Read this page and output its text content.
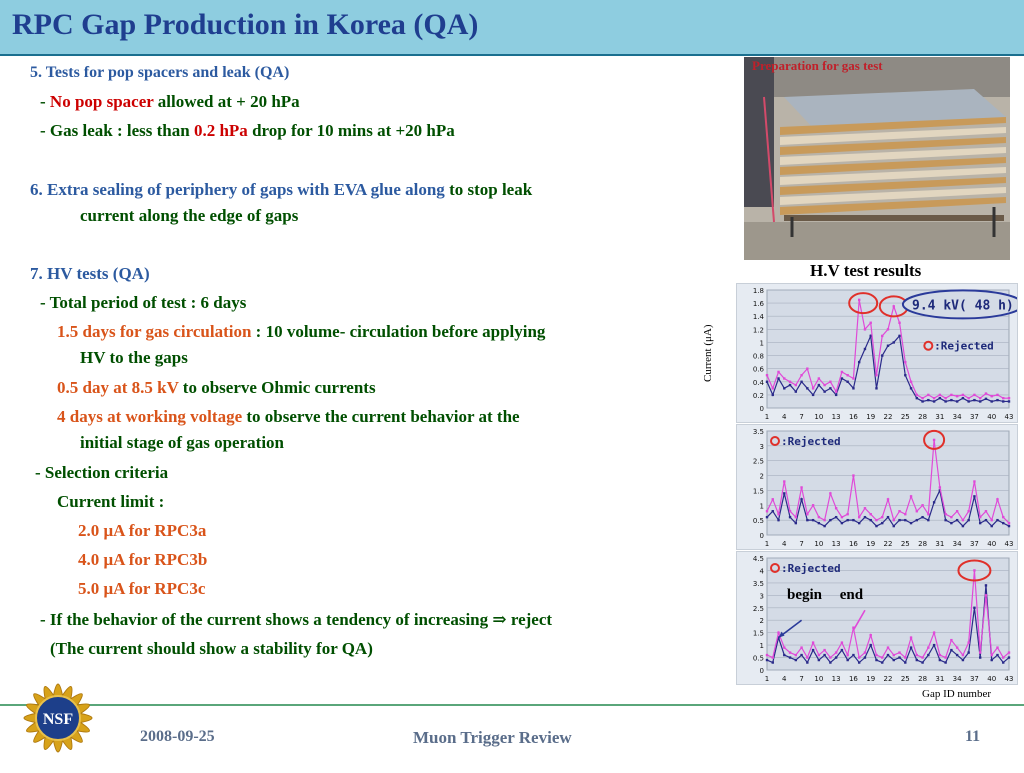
RPC Gap Production in Korea (QA)
5. Tests for pop spacers and leak (QA)
- No pop spacer allowed at + 20 hPa
- Gas leak : less than 0.2 hPa drop for 10 mins at +20 hPa
6. Extra sealing of periphery of gaps with EVA glue along to stop leak
current along the edge of gaps
7. HV tests (QA)
- Total period of test : 6 days
1.5 days for gas circulation : 10 volume- circulation before applying
HV to the gaps
0.5 day at 8.5 kV to observe Ohmic currents
4 days at working voltage to observe the current behavior at the
initial stage of gas operation
- Selection criteria
Current limit :
2.0 μA for RPC3a
4.0 μA for RPC3b
5.0 μA for RPC3c
- If the behavior of the current shows a tendency of increasing ⇒ reject
(The current should show a stability for QA)
Preparation for gas test
H.V test results
Current (μA)
0
0.2
0.4
0.6
0.8
1
1.2
1.4
1.6
1.8
1 4 7 10 13 16 19 22 25 28 31 34 37 40 43
9.4 kV( 48 h)
:Rejected
0
0.5
1
1.5
2
2.5
3
3.5
1 4 7 10 13 16 19 22 25 28 31 34 37 40 43
:Rejected
0
0.5
1
1.5
2
2.5
3
3.5
4
4.5
1 4 7 10 13 16 19 22 25 28 31 34 37 40 43
:Rejected
begin end
Gap ID number
NSF
2008-09-25	Muon Trigger Review	11
